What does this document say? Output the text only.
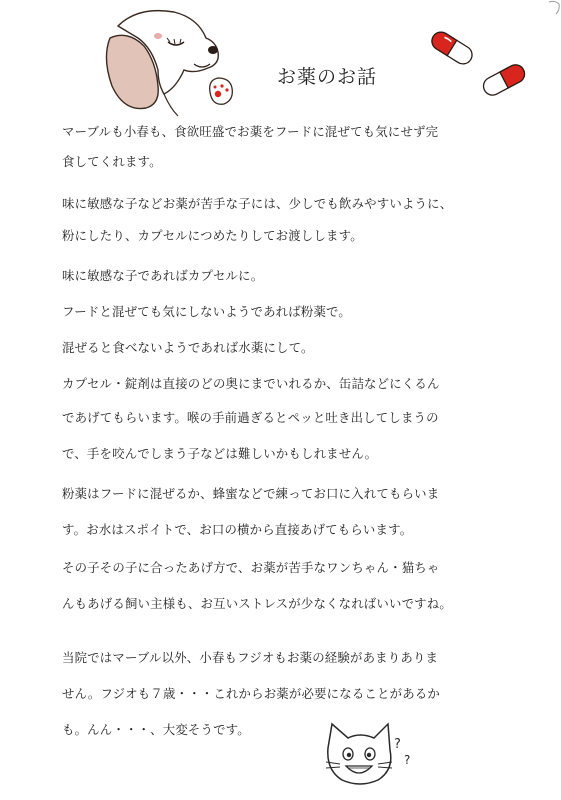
お薬のお話
マーブルも小春も、食欲旺盛でお薬をフードに混ぜても気にせず完
食してくれます。
味に敏感な子などお薬が苦手な子には、少しでも飲みやすいように、
粉にしたり、カプセルにつめたりしてお渡しします。
味に敏感な子であればカプセルに。
フードと混ぜても気にしないようであれば粉薬で。
混ぜると食べないようであれば水薬にして。
カプセル・錠剤は直接のどの奥にまでいれるか、缶詰などにくるん
であげてもらいます。喉の手前過ぎるとペッと吐き出してしまうの
で、手を咬んでしまう子などは難しいかもしれません。
粉薬はフードに混ぜるか、蜂蜜などで練ってお口に入れてもらいま
す。お水はスポイトで、お口の横から直接あげてもらいます。
その子その子に合ったあげ方で、お薬が苦手なワンちゃん・猫ちゃ
んもあげる飼い主様も、お互いストレスが少なくなればいいですね。
当院ではマーブル以外、小春もフジオもお薬の経験があまりありま
せん。フジオも７歳・・・これからお薬が必要になることがあるか
も。んん・・・、大変そうです。
?
?
